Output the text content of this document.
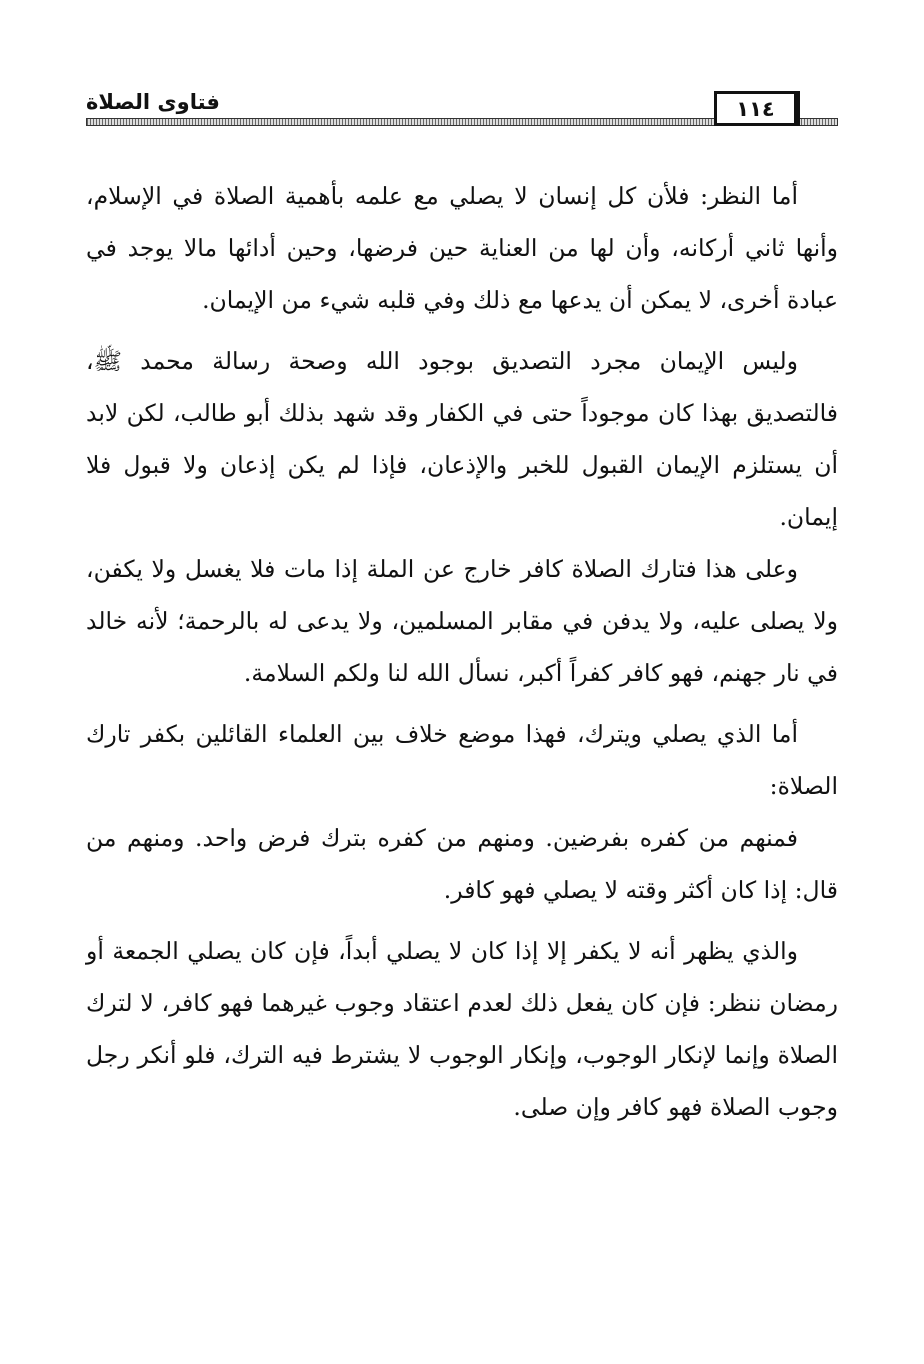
فتاوى الصلاة	١١٤

أما النظر: فلأن كل إنسان لا يصلي مع علمه بأهمية الصلاة في الإسلام، وأنها ثاني أركانه، وأن لها من العناية حين فرضها، وحين أدائها مالا يوجد في عبادة أخرى، لا يمكن أن يدعها مع ذلك وفي قلبه شيء من الإيمان.

وليس الإيمان مجرد التصديق بوجود الله وصحة رسالة محمد ﷺ، فالتصديق بهذا كان موجوداً حتى في الكفار وقد شهد بذلك أبو طالب، لكن لابد أن يستلزم الإيمان القبول للخبر والإذعان، فإذا لم يكن إذعان ولا قبول فلا إيمان.

وعلى هذا فتارك الصلاة كافر خارج عن الملة إذا مات فلا يغسل ولا يكفن، ولا يصلى عليه، ولا يدفن في مقابر المسلمين، ولا يدعى له بالرحمة؛ لأنه خالد في نار جهنم، فهو كافر كفراً أكبر، نسأل الله لنا ولكم السلامة.

أما الذي يصلي ويترك، فهذا موضع خلاف بين العلماء القائلين بكفر تارك الصلاة:

فمنهم من كفره بفرضين. ومنهم من كفره بترك فرض واحد. ومنهم من قال: إذا كان أكثر وقته لا يصلي فهو كافر.

والذي يظهر أنه لا يكفر إلا إذا كان لا يصلي أبداً، فإن كان يصلي الجمعة أو رمضان ننظر: فإن كان يفعل ذلك لعدم اعتقاد وجوب غيرهما فهو كافر، لا لترك الصلاة وإنما لإنكار الوجوب، وإنكار الوجوب لا يشترط فيه الترك، فلو أنكر رجل وجوب الصلاة فهو كافر وإن صلى.
